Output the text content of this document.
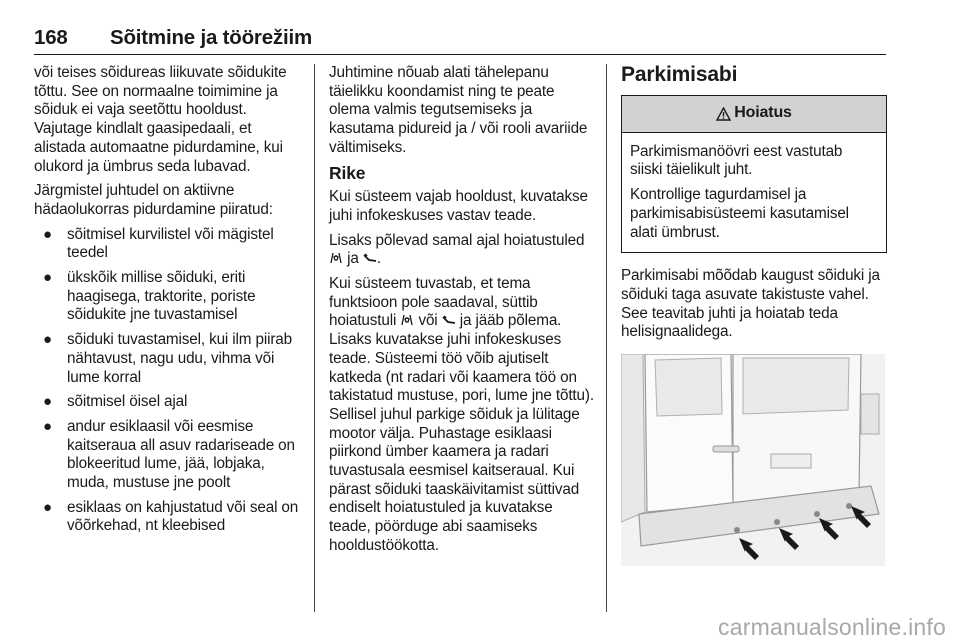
168 Sõitmine ja töörežiim

või teises sõidureas liikuvate sõidukite tõttu. See on normaalne toimimine ja sõiduk ei vaja seetõttu hooldust. Vajutage kindlalt gaasipedaali, et alistada automaatne pidurdamine, kui olukord ja ümbrus seda lubavad.

Järgmistel juhtudel on aktiivne hädaolukorras pidurdamine piiratud:

● sõitmisel kurvilistel või mägistel teedel
● ükskõik millise sõiduki, eriti haagisega, traktorite, poriste sõidukite jne tuvastamisel
● sõiduki tuvastamisel, kui ilm piirab nähtavust, nagu udu, vihma või lume korral
● sõitmisel öisel ajal
● andur esiklaasil või eesmise kaitseraua all asuv radariseade on blokeeritud lume, jää, lobjaka, muda, mustuse jne poolt
● esiklaas on kahjustatud või seal on võõrkehad, nt kleebised

Juhtimine nõuab alati tähelepanu täielikku koondamist ning te peate olema valmis tegutsemiseks ja kasutama pidureid ja / või rooli avariide vältimiseks.

Rike

Kui süsteem vajab hooldust, kuvatakse juhi infokeskuses vastav teade.

Lisaks põlevad samal ajal hoiatustuled  ja .

Kui süsteem tuvastab, et tema funktsioon pole saadaval, süttib hoiatustuli või ja jääb põlema. Lisaks kuvatakse juhi infokeskuses teade. Süsteemi töö võib ajutiselt katkeda (nt radari või kaamera töö on takistatud mustuse, pori, lume jne tõttu). Sellisel juhul parkige sõiduk ja lülitage mootor välja. Puhastage esiklaasi piirkond ümber kaamera ja radari tuvastusala eesmisel kaitseraual. Kui pärast sõiduki taaskäivitamist süttivad endiselt hoiatustuled ja kuvatakse teade, pöörduge abi saamiseks hooldustöökotta.

Parkimisabi
Hoiatus

Parkimismanöövri eest vastutab siiski täielikult juht.

Kontrollige tagurdamisel ja parkimisabisüsteemi kasutamisel alati ümbrust.

Parkimisabi mõõdab kaugust sõiduki ja sõiduki taga asuvate takistuste vahel. See teavitab juhti ja hoiatab teda helisignaalidega.

carmanualsonline.info
